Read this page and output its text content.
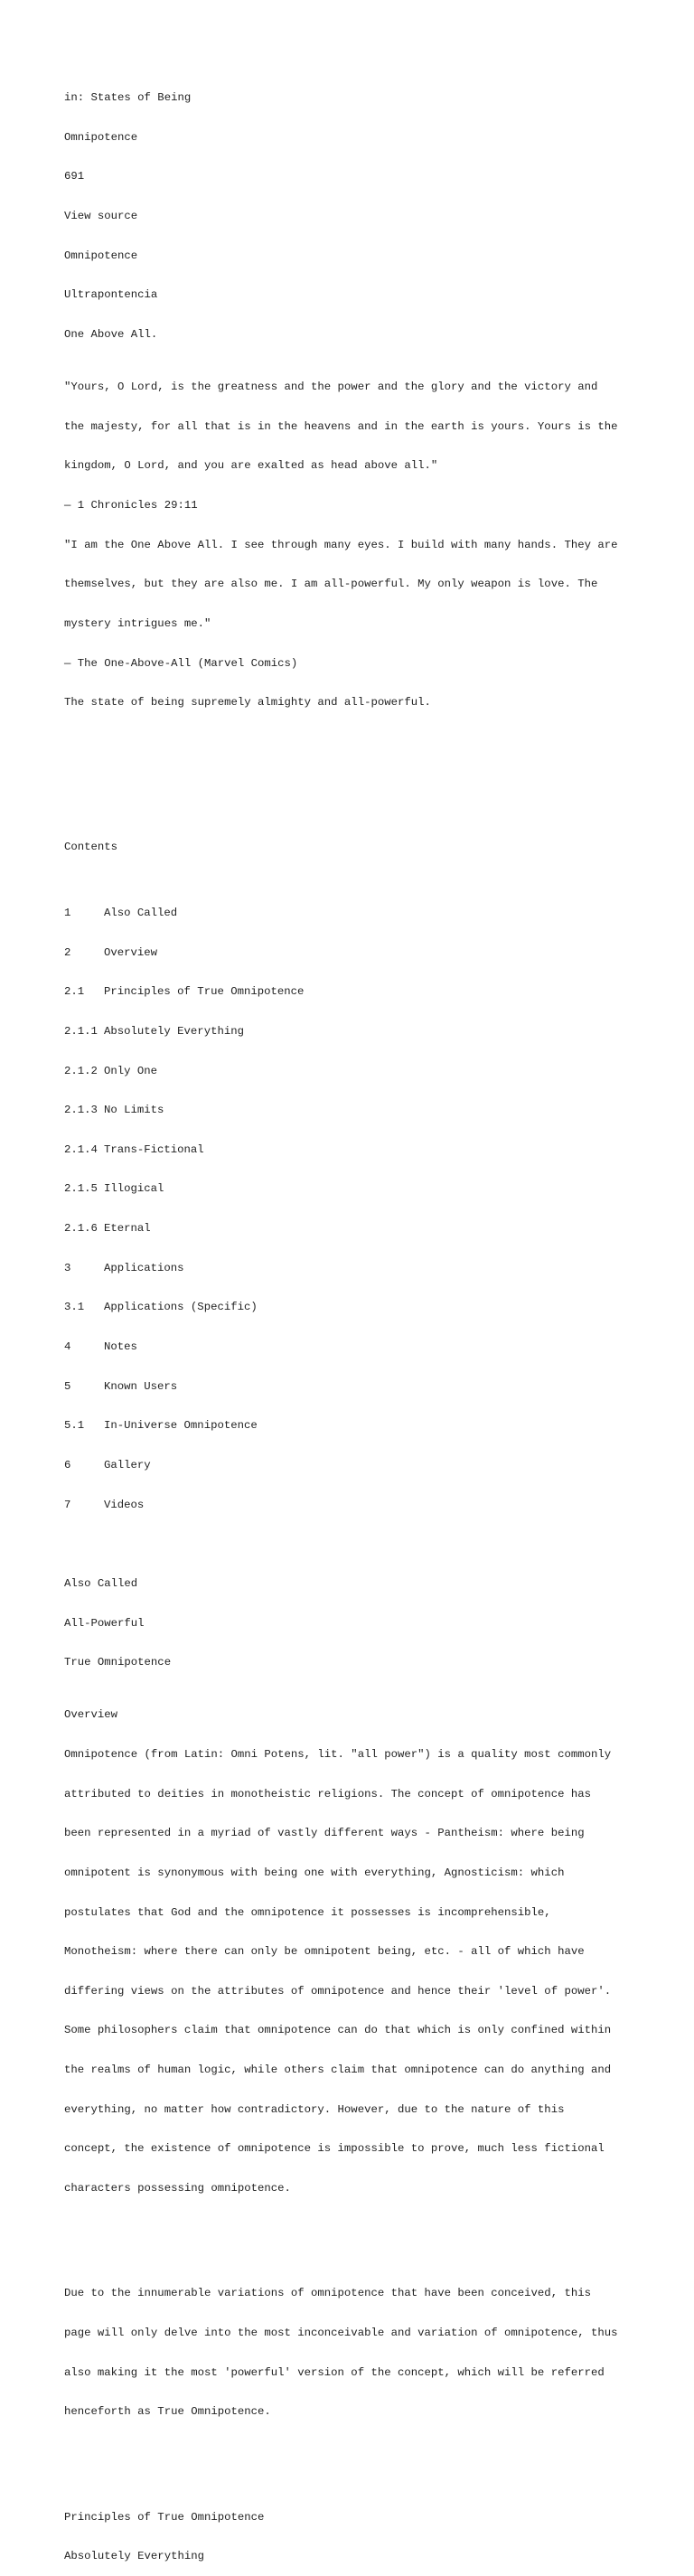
in: States of Being

Omnipotence

691

View source

Omnipotence

Ultrapontencia

One Above All.

"Yours, O Lord, is the greatness and the power and the glory and the victory and

the majesty, for all that is in the heavens and in the earth is yours. Yours is the

kingdom, O Lord, and you are exalted as head above all."

— 1 Chronicles 29:11

"I am the One Above All. I see through many eyes. I build with many hands. They are

themselves, but they are also me. I am all-powerful. My only weapon is love. The

mystery intrigues me."

— The One-Above-All (Marvel Comics)

The state of being supremely almighty and all-powerful.

Contents

1	Also Called

2	Overview

2.1 Principles of True Omnipotence

2.1.1 Absolutely Everything

2.1.2 Only One

2.1.3 No Limits

2.1.4 Trans-Fictional

2.1.5 Illogical

2.1.6 Eternal

3	Applications

3.1 Applications (Specific)

4	Notes

5	Known Users

5.1 In-Universe Omnipotence

6	Gallery

7	Videos

Also Called

All-Powerful

True Omnipotence

Overview

Omnipotence (from Latin: Omni Potens, lit. "all power") is a quality most commonly

attributed to deities in monotheistic religions. The concept of omnipotence has

been represented in a myriad of vastly different ways - Pantheism: where being

omnipotent is synonymous with being one with everything, Agnosticism: which

postulates that God and the omnipotence it possesses is incomprehensible,

Monotheism: where there can only be omnipotent being, etc. - all of which have

differing views on the attributes of omnipotence and hence their 'level of power'.

Some philosophers claim that omnipotence can do that which is only confined within

the realms of human logic, while others claim that omnipotence can do anything and

everything, no matter how contradictory. However, due to the nature of this

concept, the existence of omnipotence is impossible to prove, much less fictional

characters possessing omnipotence.

Due to the innumerable variations of omnipotence that have been conceived, this

page will only delve into the most inconceivable and variation of omnipotence, thus

also making it the most 'powerful' version of the concept, which will be referred

henceforth as True Omnipotence.

Principles of True Omnipotence

Absolutely Everything
